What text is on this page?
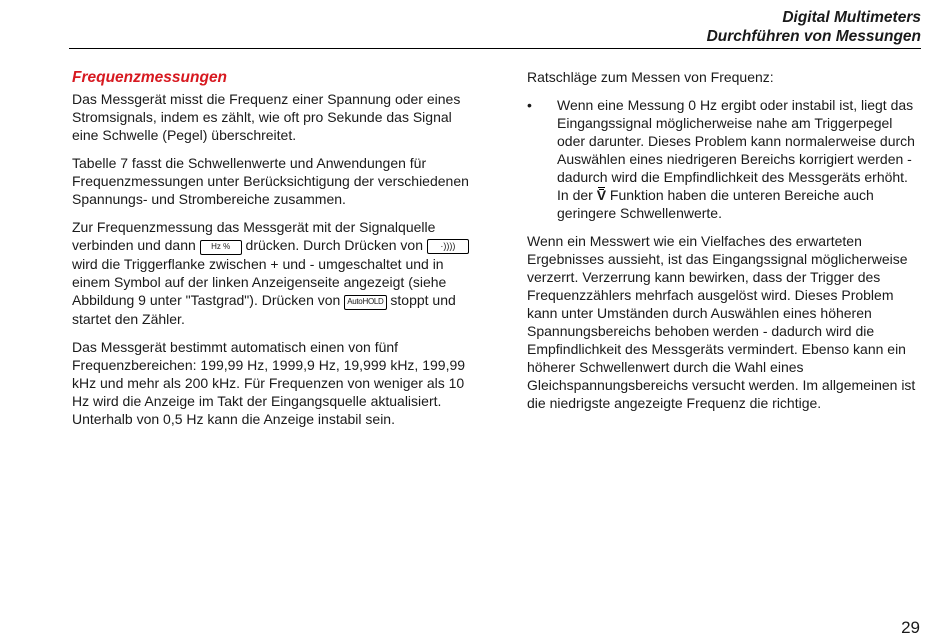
Digital Multimeters
Durchführen von Messungen
Frequenzmessungen

Das Messgerät misst die Frequenz einer Spannung oder eines Stromsignals, indem es zählt, wie oft pro Sekunde das Signal eine Schwelle (Pegel) überschreitet.

Tabelle 7 fasst die Schwellenwerte und Anwendungen für Frequenzmessungen unter Berücksichtigung der verschiedenen Spannungs- und Strombereiche zusammen.

Zur Frequenzmessung das Messgerät mit der Signalquelle verbinden und dann Hz % drücken. Durch Drücken von ·)))) wird die Triggerflanke zwischen + und - umgeschaltet und in einem Symbol auf der linken Anzeigenseite angezeigt (siehe Abbildung 9 unter "Tastgrad"). Drücken von AutoHOLD stoppt und startet den Zähler.

Das Messgerät bestimmt automatisch einen von fünf Frequenzbereichen: 199,99 Hz, 1999,9 Hz, 19,999 kHz, 199,99 kHz und mehr als 200 kHz. Für Frequenzen von weniger als 10 Hz wird die Anzeige im Takt der Eingangsquelle aktualisiert. Unterhalb von 0,5 Hz kann die Anzeige instabil sein.

Ratschläge zum Messen von Frequenz:

• Wenn eine Messung 0 Hz ergibt oder instabil ist, liegt das Eingangssignal möglicherweise nahe am Triggerpegel oder darunter. Dieses Problem kann normalerweise durch Auswählen eines niedrigeren Bereichs korrigiert werden - dadurch wird die Empfindlichkeit des Messgeräts erhöht. In der V Funktion haben die unteren Bereiche auch geringere Schwellenwerte.

Wenn ein Messwert wie ein Vielfaches des erwarteten Ergebnisses aussieht, ist das Eingangssignal möglicherweise verzerrt. Verzerrung kann bewirken, dass der Trigger des Frequenzzählers mehrfach ausgelöst wird. Dieses Problem kann unter Umständen durch Auswählen eines höheren Spannungsbereichs behoben werden - dadurch wird die Empfindlichkeit des Messgeräts vermindert. Ebenso kann ein höherer Schwellenwert durch die Wahl eines Gleichspannungsbereichs versucht werden. Im allgemeinen ist die niedrigste angezeigte Frequenz die richtige.

29
